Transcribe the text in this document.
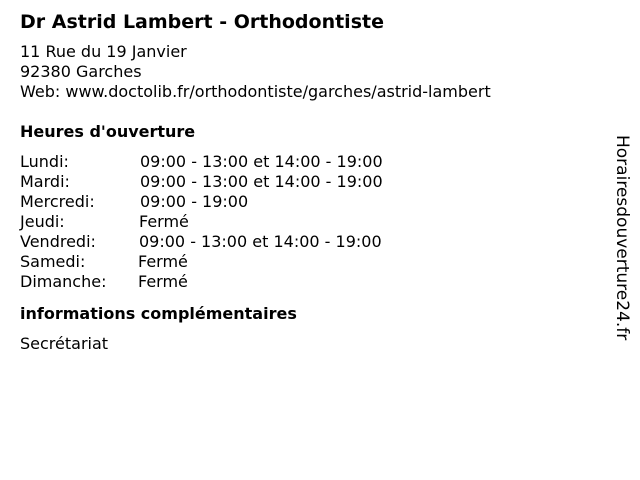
Dr Astrid Lambert - Orthodontiste
11 Rue du 19 Janvier
92380 Garches
Web: www.doctolib.fr/orthodontiste/garches/astrid-lambert
Heures d'ouverture
Lundi:	09:00 - 13:00 et 14:00 - 19:00
Mardi:	09:00 - 13:00 et 14:00 - 19:00
Mercredi:	09:00 - 19:00
Jeudi:	Fermé
Vendredi:	09:00 - 13:00 et 14:00 - 19:00
Samedi:	Fermé
Dimanche: Fermé
informations complémentaires
Secrétariat
Horairesdouverture24.fr
